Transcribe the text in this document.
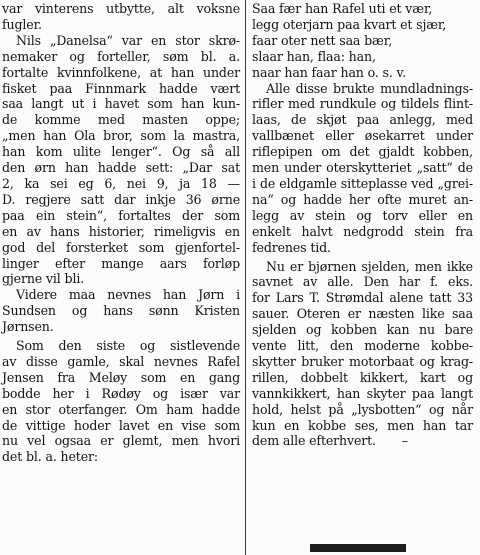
var vinterens utbytte, alt voksne
fugler.
Nils „Danelsa“ var en stor skrø-
nemaker og forteller, søm bl. a.
fortalte kvinnfolkene, at han under
fisket paa Finnmark hadde vært
saa langt ut i havet som han kun-
de komme med masten oppe;
„men han Ola bror, som la mastra,
han kom ulite lenger“. Og så all
den ørn han hadde sett: „Dar sat
2, ka sei eg 6, nei 9, ja 18 —
D. regjere satt dar inkje 36 ørne
paa ein stein“, fortaltes der som
en av hans historier, rimeligvis en
god del forsterket som gjenfortel-
linger efter mange aars forløp
gjerne vil bli.
Videre maa nevnes han Jørn i
Sundsen og hans sønn Kristen
Jørnsen.
Som den siste og sistlevende
av disse gamle, skal nevnes Rafel
Jensen fra Meløy som en gang
bodde her i Rødøy og især var
en stor oterfanger. Om ham hadde
de vittige hoder lavet en vise som
nu vel ogsaa er glemt, men hvori
det bl. a. heter:
Saa fær han Rafel uti et vær,
legg oterjarn paa kvart et sjær,
faar oter nett saa bær,
slaar han, flaa: han,
naar han faar han o. s. v.
Alle disse brukte mundladnings-
rifler med rundkule og tildels flint-
laas, de skjøt paa anlegg, med
vallbænet eller øsekarret under
riflepipen om det gjaldt kobben,
men under oterskytteriet „satt“ de
i de eldgamle sitteplasse ved „grei-
na“ og hadde her ofte muret an-
legg av stein og torv eller en
enkelt halvt nedgrodd stein fra
fedrenes tid.
Nu er bjørnen sjelden, men ikke
savnet av alle. Den har f. eks.
for Lars T. Strømdal alene tatt 33
sauer. Oteren er næsten like saa
sjelden og kobben kan nu bare
vente litt, den moderne kobbe-
skytter bruker motorbaat og krag-
rillen, dobbelt kikkert, kart og
vannkikkert, han skyter paa langt
hold, helst på „lysbotten“ og når
kun en kobbe ses, men han tar
dem alle efterhvert. –
